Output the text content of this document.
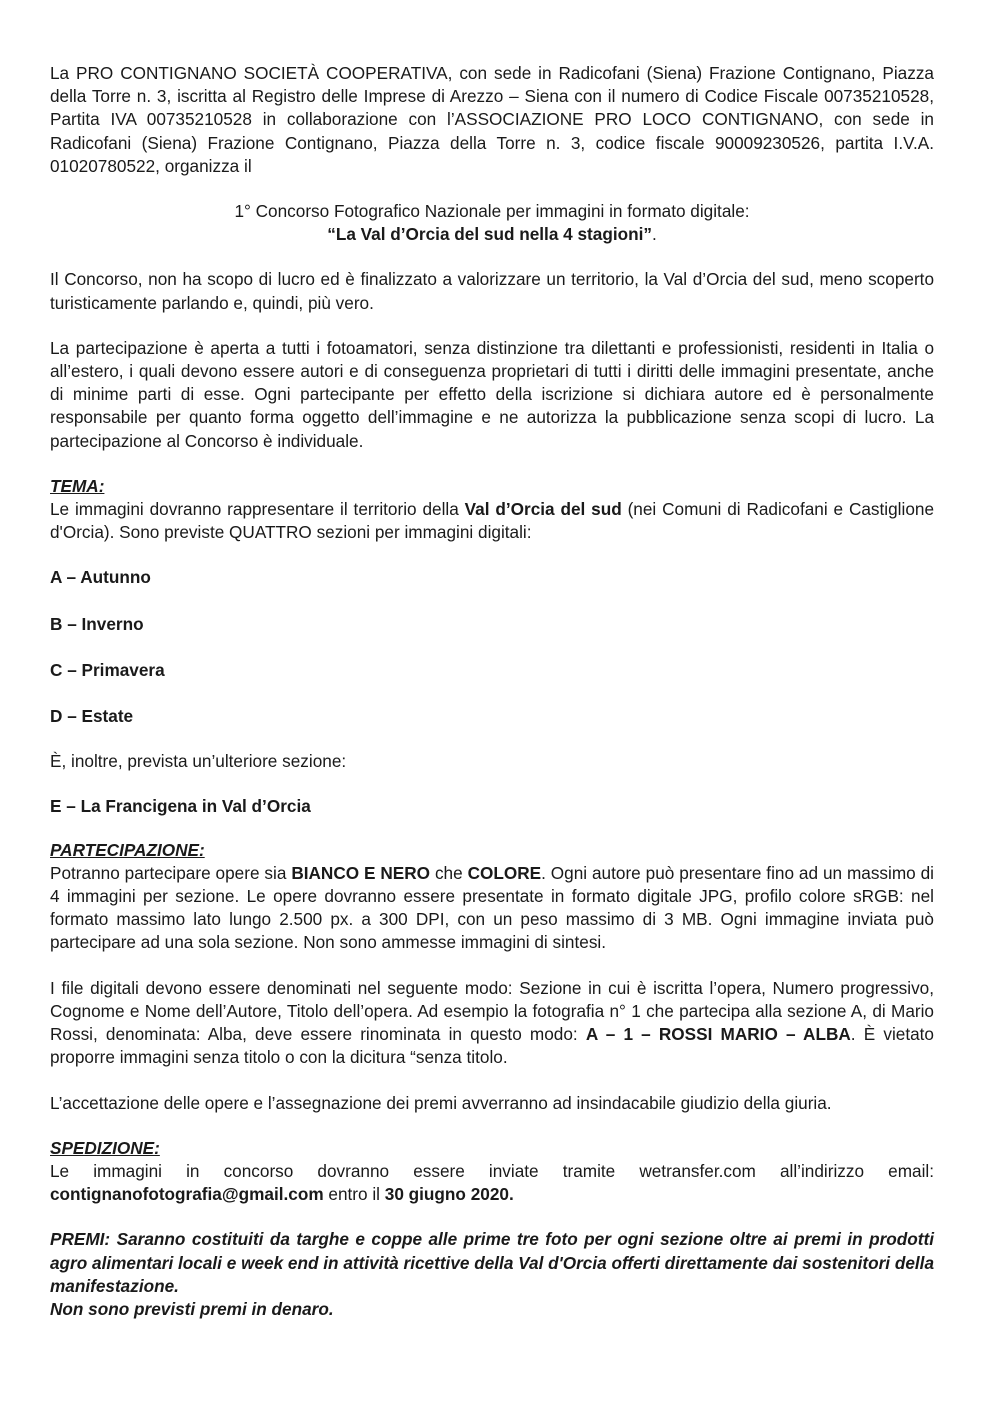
La PRO CONTIGNANO SOCIETÀ COOPERATIVA, con sede in Radicofani (Siena) Frazione Contignano, Piazza della Torre n. 3, iscritta al Registro delle Imprese di Arezzo – Siena con il numero di Codice Fiscale 00735210528, Partita IVA 00735210528 in collaborazione con l’ASSOCIAZIONE PRO LOCO CONTIGNANO, con sede in Radicofani (Siena) Frazione Contignano, Piazza della Torre n. 3, codice fiscale 90009230526, partita I.V.A. 01020780522, organizza il

1° Concorso Fotografico Nazionale per immagini in formato digitale:

“La Val d’Orcia del sud nella 4 stagioni”.

Il Concorso, non ha scopo di lucro ed è finalizzato a valorizzare un territorio, la Val d’Orcia del sud, meno scoperto turisticamente parlando e, quindi, più vero.

La partecipazione è aperta a tutti i fotoamatori, senza distinzione tra dilettanti e professionisti, residenti in Italia o all’estero, i quali devono essere autori e di conseguenza proprietari di tutti i diritti delle immagini presentate, anche di minime parti di esse. Ogni partecipante per effetto della iscrizione si dichiara autore ed è personalmente responsabile per quanto forma oggetto dell’immagine e ne autorizza la pubblicazione senza scopi di lucro. La partecipazione al Concorso è individuale.

TEMA:

Le immagini dovranno rappresentare il territorio della Val d’Orcia del sud (nei Comuni di Radicofani e Castiglione d'Orcia). Sono previste QUATTRO sezioni per immagini digitali:

A – Autunno

B – Inverno

C – Primavera

D – Estate

È, inoltre, prevista un’ulteriore sezione:

E – La Francigena in Val d’Orcia

PARTECIPAZIONE:

Potranno partecipare opere sia BIANCO E NERO che COLORE. Ogni autore può presentare fino ad un massimo di 4 immagini per sezione. Le opere dovranno essere presentate in formato digitale JPG, profilo colore sRGB: nel formato massimo lato lungo 2.500 px. a 300 DPI, con un peso massimo di 3 MB. Ogni immagine inviata può partecipare ad una sola sezione. Non sono ammesse immagini di sintesi.

I file digitali devono essere denominati nel seguente modo: Sezione in cui è iscritta l’opera, Numero progressivo, Cognome e Nome dell’Autore, Titolo dell’opera. Ad esempio la fotografia n° 1 che partecipa alla sezione A, di Mario Rossi, denominata: Alba, deve essere rinominata in questo modo: A – 1 – ROSSI MARIO – ALBA. È vietato proporre immagini senza titolo o con la dicitura “senza titolo.

L’accettazione delle opere e l’assegnazione dei premi avverranno ad insindacabile giudizio della giuria.

SPEDIZIONE:

Le immagini in concorso dovranno essere inviate tramite wetransfer.com all’indirizzo email: contignanofotografia@gmail.com entro il 30 giugno 2020.

PREMI: Saranno costituiti da targhe e coppe alle prime tre foto per ogni sezione oltre ai premi in prodotti agro alimentari locali e week end in attività ricettive della Val d'Orcia offerti direttamente dai sostenitori della manifestazione.

Non sono previsti premi in denaro.
